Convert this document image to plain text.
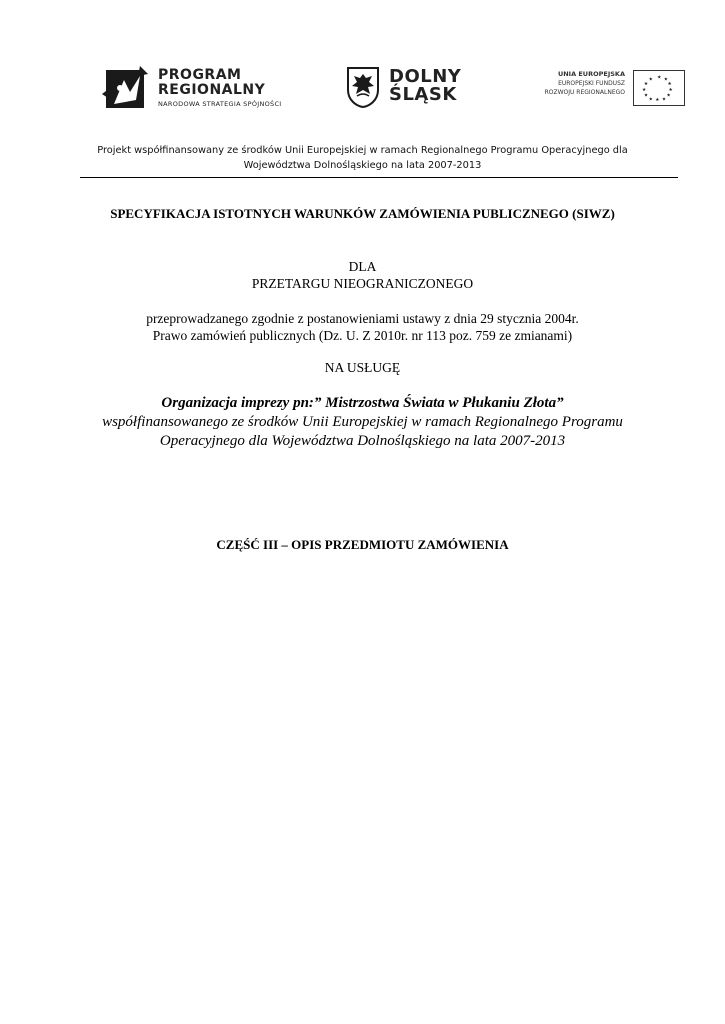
PROGRAM
REGIONALNY
NARODOWA STRATEGIA SPÓJNOŚCI
DOLNY
ŚLĄSK
UNIA EUROPEJSKA
EUROPEJSKI FUNDUSZ
ROZWOJU REGIONALNEGO
★ ★
★
★
★
★
★
★
★
★
★
★
Projekt współfinansowany ze środków Unii Europejskiej w ramach Regionalnego Programu Operacyjnego dla
Województwa Dolnośląskiego na lata 2007-2013

SPECYFIKACJA ISTOTNYCH WARUNKÓW ZAMÓWIENIA PUBLICZNEGO (SIWZ)

DLA
PRZETARGU NIEOGRANICZONEGO
przeprowadzanego zgodnie z postanowieniami ustawy z dnia 29 stycznia 2004r.
Prawo zamówień publicznych (Dz. U. Z 2010r. nr 113 poz. 759 ze zmianami)
NA USŁUGĘ
Organizacja imprezy pn:” Mistrzostwa Świata w Płukaniu Złota”
współfinansowanego ze środków Unii Europejskiej w ramach Regionalnego Programu
Operacyjnego dla Województwa Dolnośląskiego na lata 2007-2013
CZĘŚĆ III – OPIS PRZEDMIOTU ZAMÓWIENIA
